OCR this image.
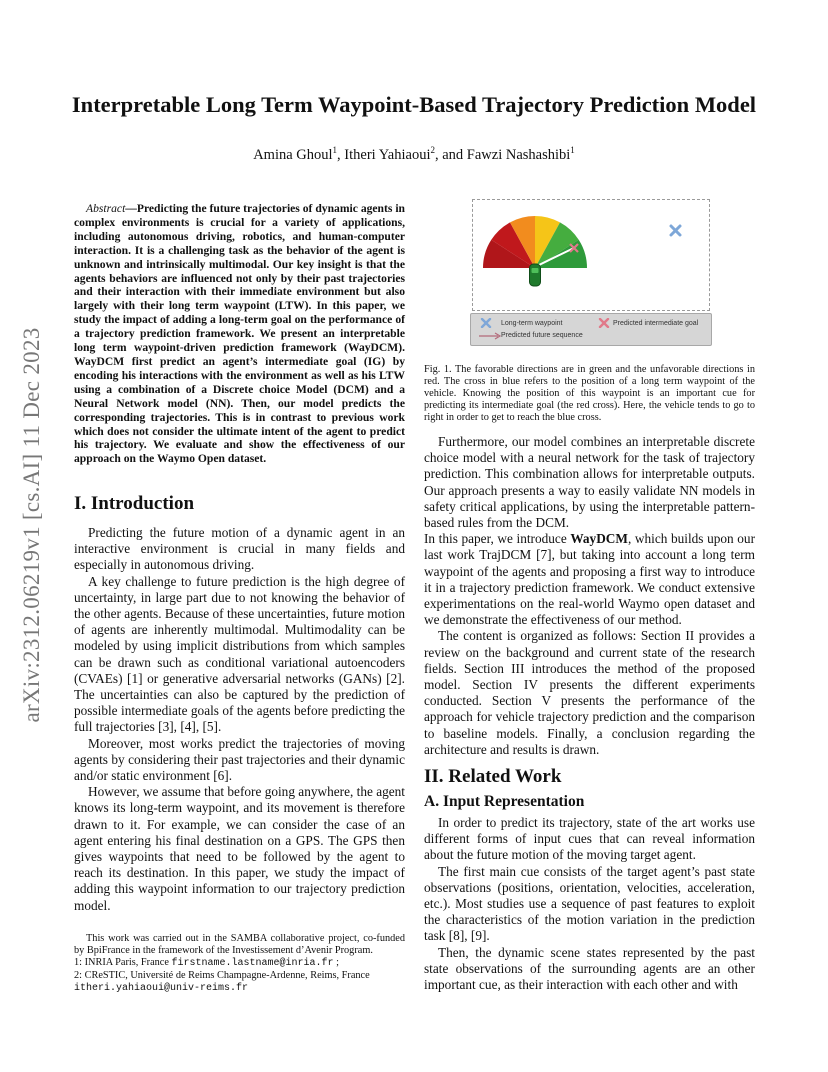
arXiv:2312.06219v1 [cs.AI] 11 Dec 2023
Interpretable Long Term Waypoint-Based Trajectory Prediction Model
Amina Ghoul$^1$, Itheri Yahiaoui$^2$, and Fawzi Nashashibi$^1$
Abstract—Predicting the future trajectories of dynamic agents in complex environments is crucial for a variety of applications, including autonomous driving, robotics, and human-computer interaction. It is a challenging task as the behavior of the agent is unknown and intrinsically multimodal. Our key insight is that the agents behaviors are influenced not only by their past trajectories and their interaction with their immediate environment but also largely with their long term waypoint (LTW). In this paper, we study the impact of adding a long-term goal on the performance of a trajectory prediction framework. We present an interpretable long term waypoint-driven prediction framework (WayDCM). WayDCM first predict an agent’s intermediate goal (IG) by encoding his interactions with the environment as well as his LTW using a combination of a Discrete choice Model (DCM) and a Neural Network model (NN). Then, our model predicts the corresponding trajectories. This is in contrast to previous work which does not consider the ultimate intent of the agent to predict his trajectory. We evaluate and show the effectiveness of our approach on the Waymo Open dataset.
I. Introduction

Predicting the future motion of a dynamic agent in an interactive environment is crucial in many fields and especially in autonomous driving.

A key challenge to future prediction is the high degree of uncertainty, in large part due to not knowing the behavior of the other agents. Because of these uncertainties, future motion of agents are inherently multimodal. Multimodality can be modeled by using implicit distributions from which samples can be drawn such as conditional variational autoencoders (CVAEs) [1] or generative adversarial networks (GANs) [2]. The uncertainties can also be captured by the prediction of possible intermediate goals of the agents before predicting the full trajectories [3], [4], [5].

Moreover, most works predict the trajectories of moving agents by considering their past trajectories and their dynamic and/or static environment [6].

However, we assume that before going anywhere, the agent knows its long-term waypoint, and its movement is therefore drawn to it. For example, we can consider the case of an agent entering his final destination on a GPS. The GPS then gives waypoints that need to be followed by the agent to reach its destination. In this paper, we study the impact of adding this waypoint information to our trajectory prediction model.

This work was carried out in the SAMBA collaborative project, co-funded by BpiFrance in the framework of the Investissement d’Avenir Program.

1: INRIA Paris, France firstname.lastname@inria.fr ;

2: CReSTIC, Université de Reims Champagne-Ardenne, Reims, France

itheri.yahiaoui@univ-reims.fr

Long-term waypoint	Predicted intermediate goal
Predicted future sequence
Fig. 1. The favorable directions are in green and the unfavorable directions in red. The cross in blue refers to the position of a long term waypoint of the vehicle. Knowing the position of this waypoint is an important cue for predicting its intermediate goal (the red cross). Here, the vehicle tends to go to right in order to get to reach the blue cross.

Furthermore, our model combines an interpretable discrete choice model with a neural network for the task of trajectory prediction. This combination allows for interpretable outputs. Our approach presents a way to easily validate NN models in safety critical applications, by using the interpretable pattern-based rules from the DCM.

In this paper, we introduce WayDCM, which builds upon our last work TrajDCM [7], but taking into account a long term waypoint of the agents and proposing a first way to introduce it in a trajectory prediction framework. We conduct extensive experimentations on the real-world Waymo open dataset and we demonstrate the effectiveness of our method.

The content is organized as follows: Section II provides a review on the background and current state of the research fields. Section III introduces the method of the proposed model. Section IV presents the different experiments conducted. Section V presents the performance of the approach for vehicle trajectory prediction and the comparison to baseline models. Finally, a conclusion regarding the architecture and results is drawn.

II. Related Work
A. Input Representation

In order to predict its trajectory, state of the art works use different forms of input cues that can reveal information about the future motion of the moving target agent.

The first main cue consists of the target agent’s past state observations (positions, orientation, velocities, acceleration, etc.). Most studies use a sequence of past features to exploit the characteristics of the motion variation in the prediction task [8], [9].

Then, the dynamic scene states represented by the past state observations of the surrounding agents are an other important cue, as their interaction with each other and with
